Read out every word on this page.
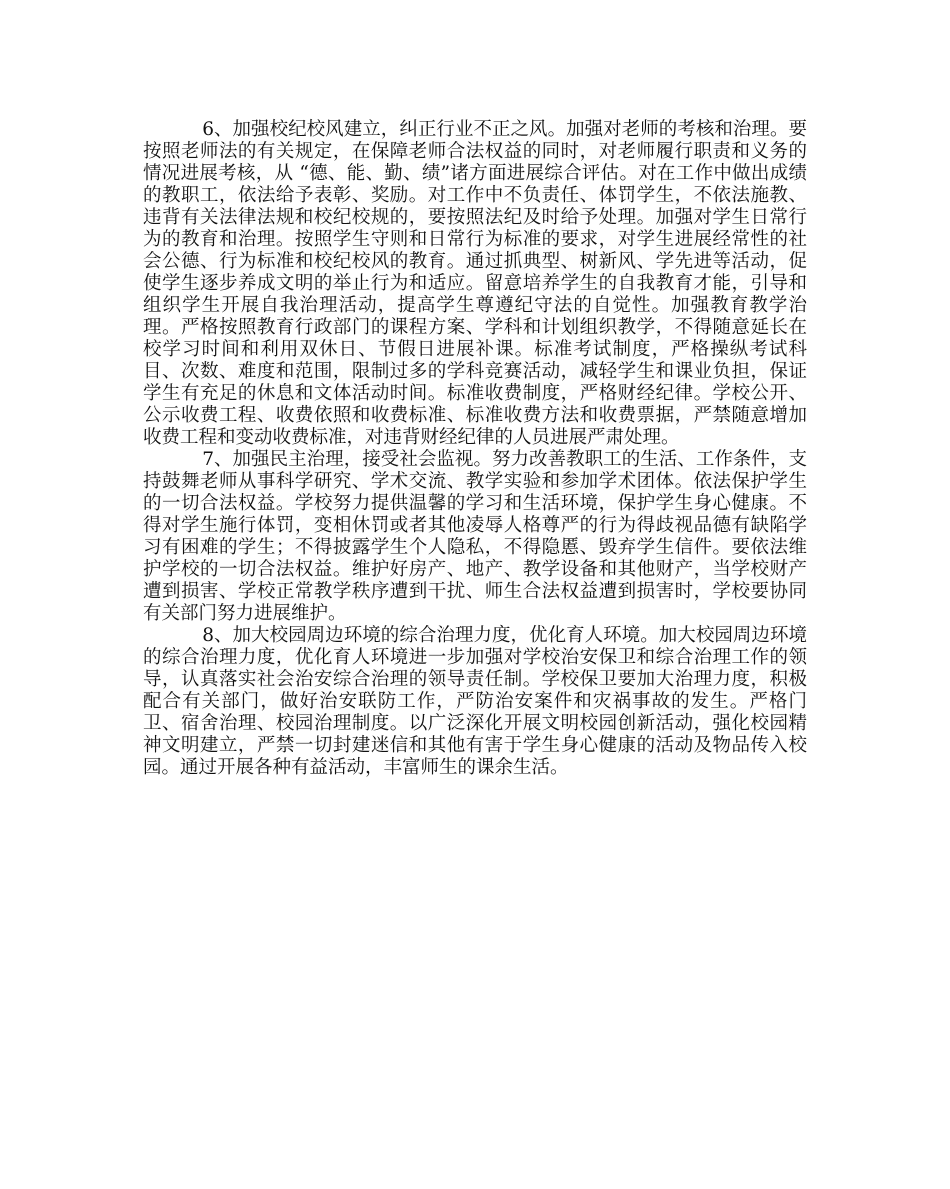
6、加强校纪校风建立，纠正行业不正之风。加强对老师的考核和治理。要按照老师法的有关规定，在保障老师合法权益的同时，对老师履行职责和义务的情况进展考核，从 “德、能、勤、绩”诸方面进展综合评估。对在工作中做出成绩的教职工，依法给予表彰、奖励。对工作中不负责任、体罚学生，不依法施教、违背有关法律法规和校纪校规的，要按照法纪及时给予处理。加强对学生日常行为的教育和治理。按照学生守则和日常行为标准的要求，对学生进展经常性的社会公德、行为标准和校纪校风的教育。通过抓典型、树新风、学先进等活动，促使学生逐步养成文明的举止行为和适应。留意培养学生的自我教育才能，引导和组织学生开展自我治理活动，提高学生尊遵纪守法的自觉性。加强教育教学治理。严格按照教育行政部门的课程方案、学科和计划组织教学，不得随意延长在校学习时间和利用双休日、节假日进展补课。标准考试制度，严格操纵考试科目、次数、难度和范围，限制过多的学科竞赛活动，减轻学生和课业负担，保证学生有充足的休息和文体活动时间。标准收费制度，严格财经纪律。学校公开、公示收费工程、收费依照和收费标准、标准收费方法和收费票据，严禁随意增加收费工程和变动收费标准，对违背财经纪律的人员进展严肃处理。

7、加强民主治理，接受社会监视。努力改善教职工的生活、工作条件，支持鼓舞老师从事科学研究、学术交流、教学实验和参加学术团体。依法保护学生的一切合法权益。学校努力提供温馨的学习和生活环境，保护学生身心健康。不得对学生施行体罚，变相休罚或者其他凌辱人格尊严的行为得歧视品德有缺陷学习有困难的学生；不得披露学生个人隐私，不得隐慝、毁弃学生信件。要依法维护学校的一切合法权益。维护好房产、地产、教学设备和其他财产，当学校财产遭到损害、学校正常教学秩序遭到干扰、师生合法权益遭到损害时，学校要协同有关部门努力进展维护。

8、加大校园周边环境的综合治理力度，优化育人环境。加大校园周边环境的综合治理力度，优化育人环境进一步加强对学校治安保卫和综合治理工作的领导，认真落实社会治安综合治理的领导责任制。学校保卫要加大治理力度，积极配合有关部门，做好治安联防工作，严防治安案件和灾祸事故的发生。严格门卫、宿舍治理、校园治理制度。以广泛深化开展文明校园创新活动，强化校园精神文明建立，严禁一切封建迷信和其他有害于学生身心健康的活动及物品传入校园。通过开展各种有益活动，丰富师生的课余生活。
